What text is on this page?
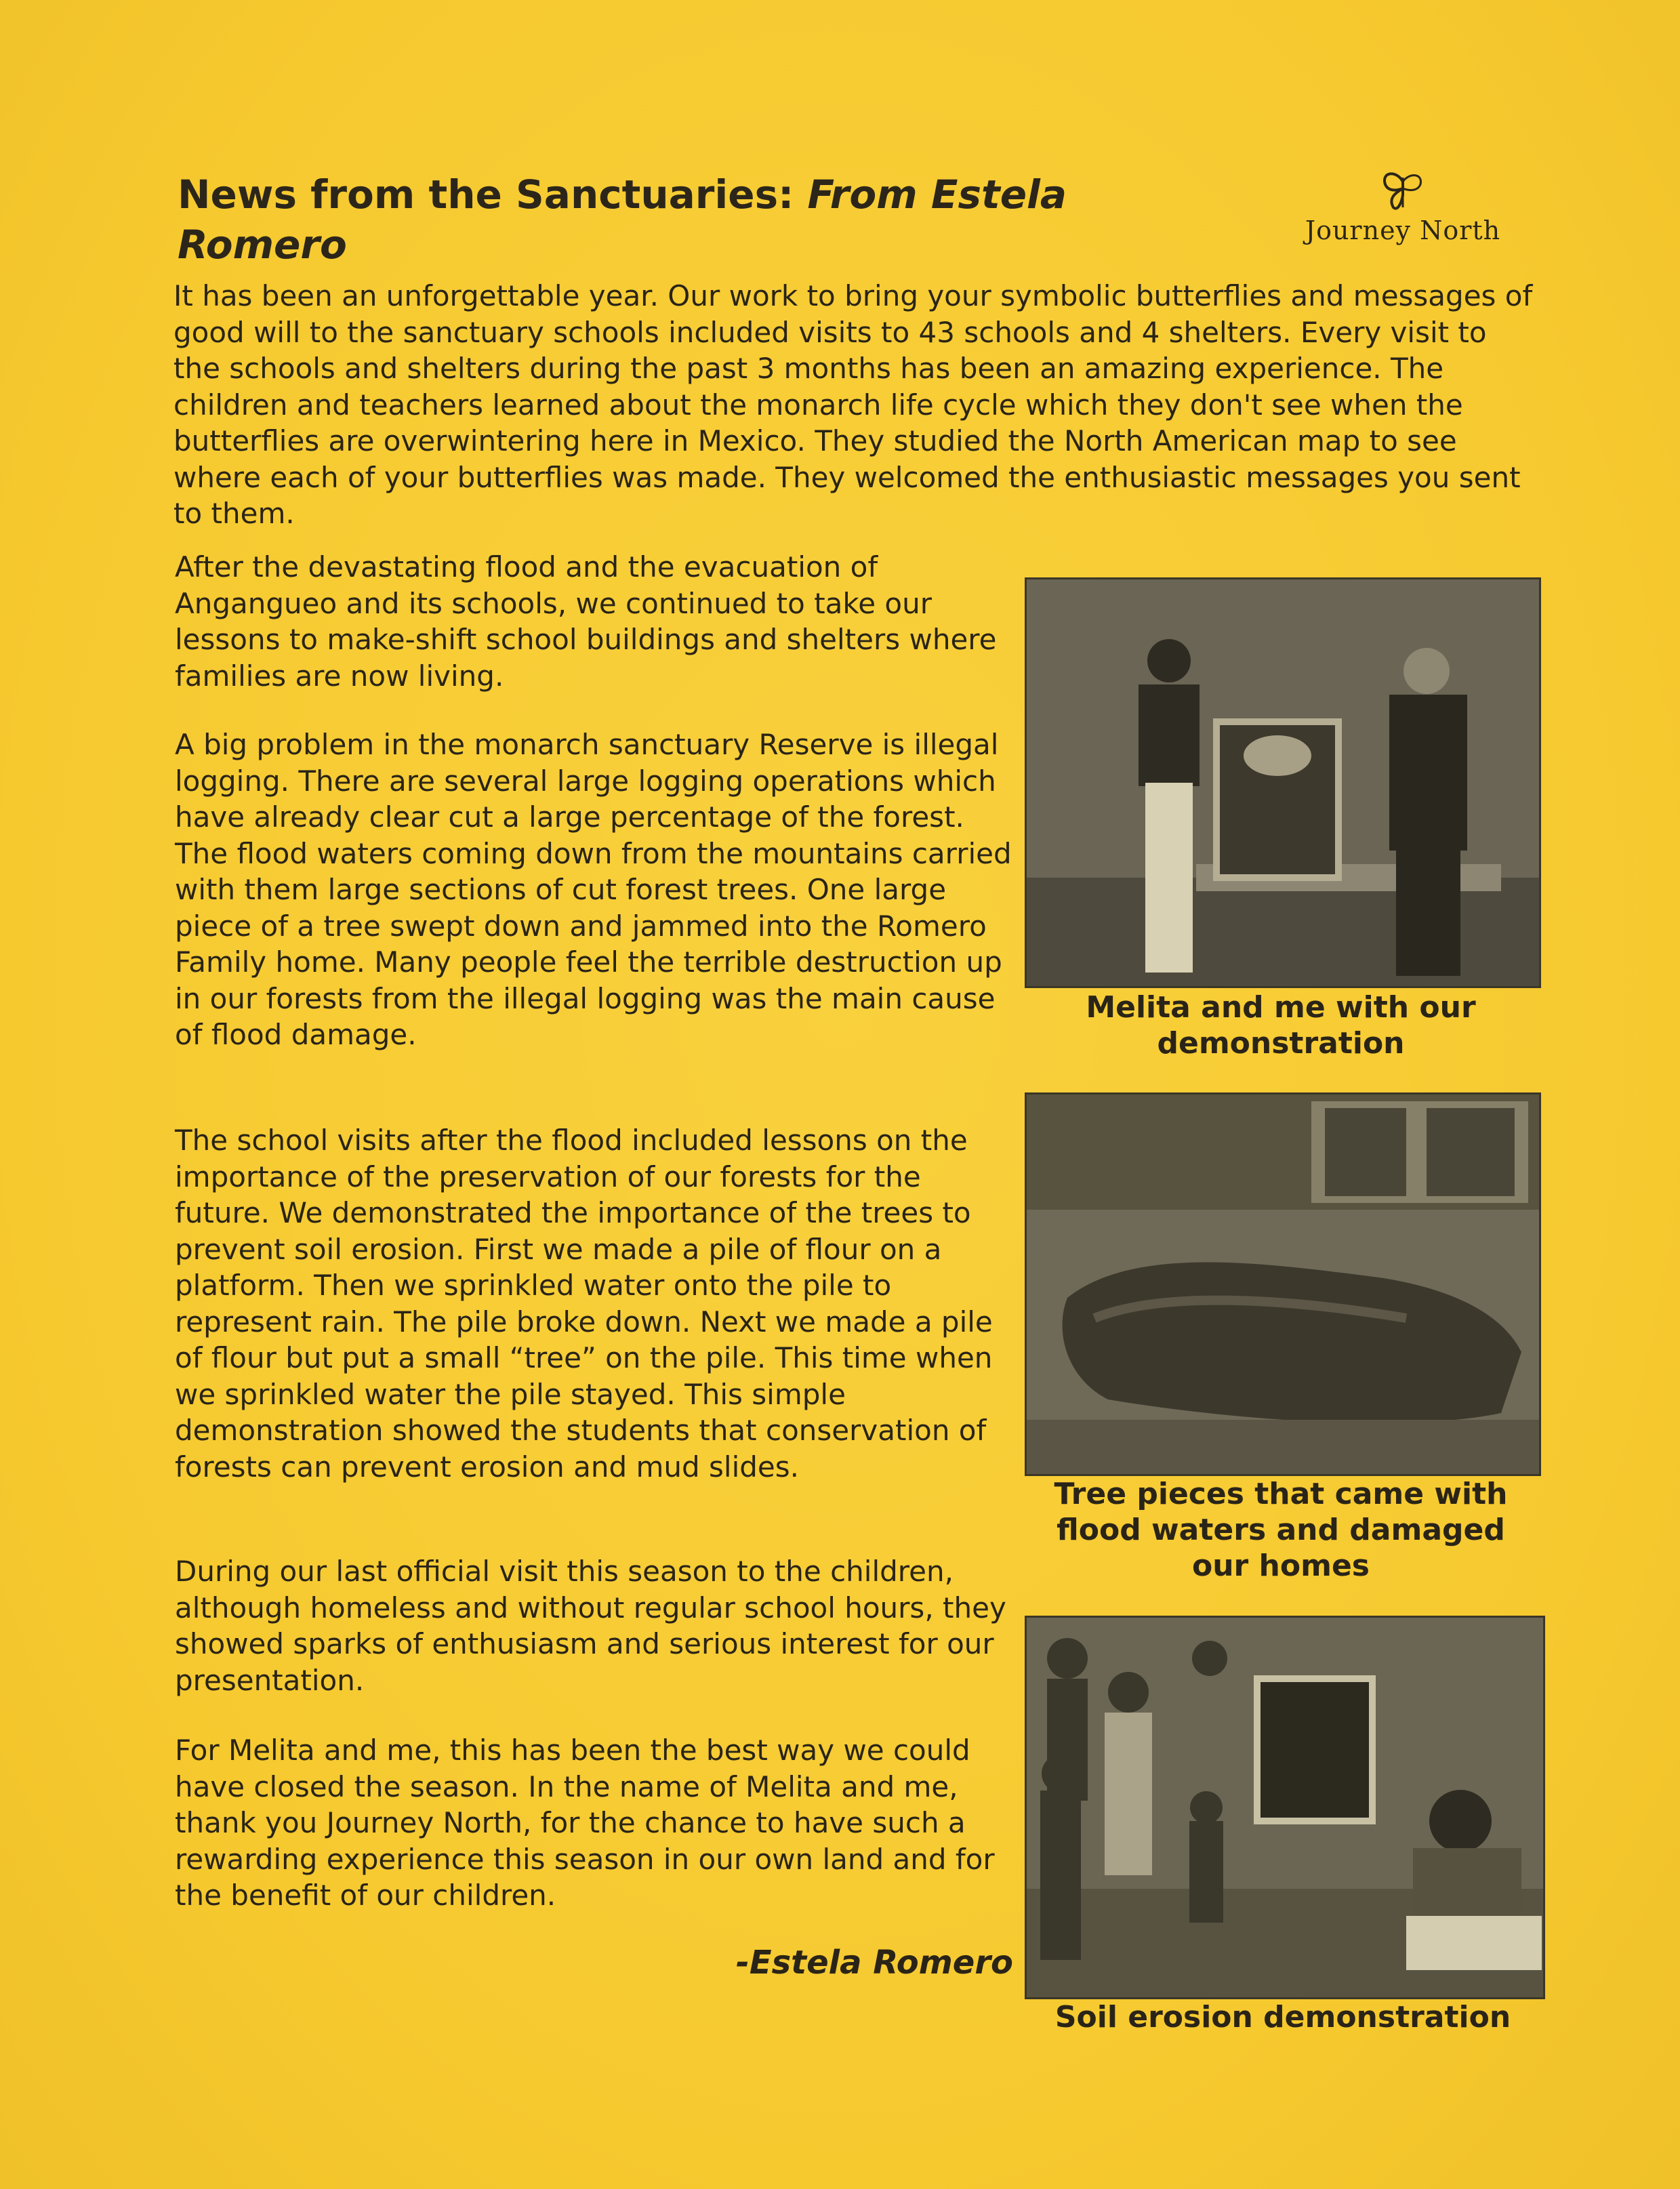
News from the Sanctuaries: From Estela Romero	Journey North

It has been an unforgettable year. Our work to bring your symbolic butterflies and messages of good will to the sanctuary schools included visits to 43 schools and 4 shelters. Every visit to the schools and shelters during the past 3 months has been an amazing experience. The children and teachers learned about the monarch life cycle which they don't see when the butterflies are overwintering here in Mexico. They studied the North American map to see where each of your butterflies was made. They welcomed the enthusiastic messages you sent to them.

After the devastating flood and the evacuation of Angangueo and its schools, we continued to take our lessons to make-shift school buildings and shelters where families are now living.

A big problem in the monarch sanctuary Reserve is illegal logging. There are several large logging operations which have already clear cut a large percentage of the forest. The flood waters coming down from the mountains carried with them large sections of cut forest trees. One large piece of a tree swept down and jammed into the Romero Family home. Many people feel the terrible destruction up in our forests from the illegal logging was the main cause of flood damage.

The school visits after the flood included lessons on the importance of the preservation of our forests for the future. We demonstrated the importance of the trees to prevent soil erosion. First we made a pile of flour on a platform. Then we sprinkled water onto the pile to represent rain. The pile broke down. Next we made a pile of flour but put a small “tree” on the pile. This time when we sprinkled water the pile stayed. This simple demonstration showed the students that conservation of forests can prevent erosion and mud slides.

During our last official visit this season to the children, although homeless and without regular school hours, they showed sparks of enthusiasm and serious interest for our presentation.

For Melita and me, this has been the best way we could have closed the season. In the name of Melita and me, thank you Journey North, for the chance to have such a rewarding experience this season in our own land and for the benefit of our children.

-Estela Romero
Melita and me with our demonstration
Tree pieces that came with flood waters and damaged our homes
Soil erosion demonstration
